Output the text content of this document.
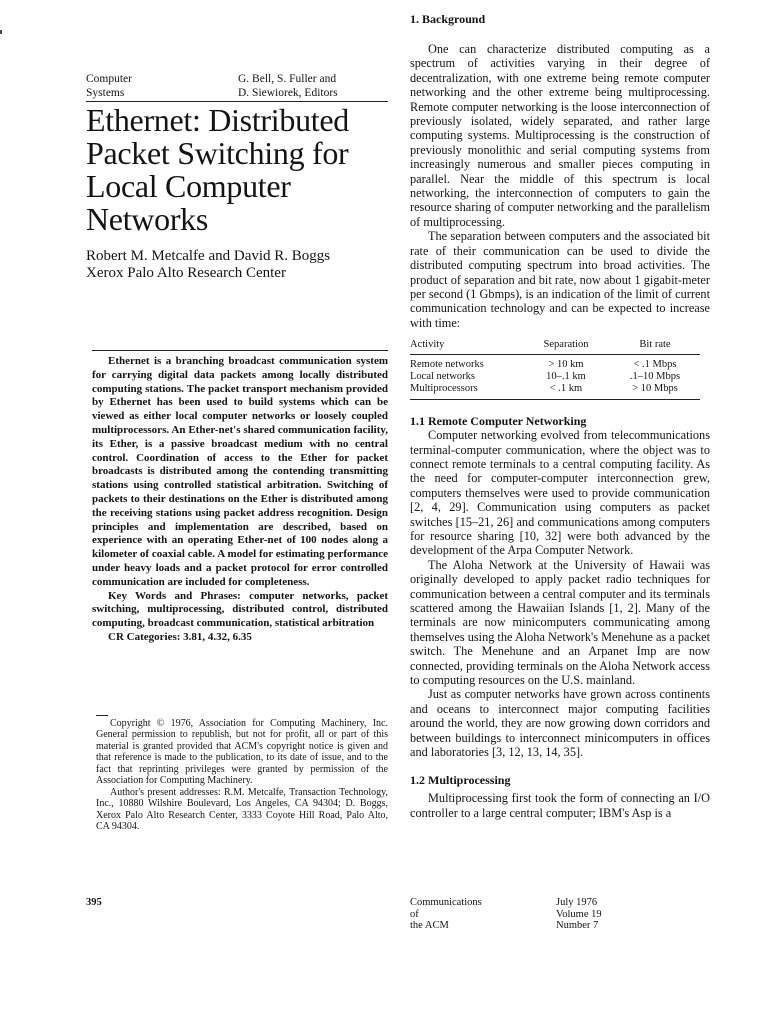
Computer
Systems
G. Bell, S. Fuller and
D. Siewiorek, Editors
Ethernet: Distributed
Packet Switching for
Local Computer
Networks
Robert M. Metcalfe and David R. Boggs
Xerox Palo Alto Research Center

Ethernet is a branching broadcast communication system for carrying digital data packets among locally distributed computing stations. The packet transport mechanism provided by Ethernet has been used to build systems which can be viewed as either local computer networks or loosely coupled multiprocessors. An Ether-net's shared communication facility, its Ether, is a passive broadcast medium with no central control. Coordination of access to the Ether for packet broadcasts is distributed among the contending transmitting stations using controlled statistical arbitration. Switching of packets to their destinations on the Ether is distributed among the receiving stations using packet address recognition. Design principles and implementation are described, based on experience with an operating Ether-net of 100 nodes along a kilometer of coaxial cable. A model for estimating performance under heavy loads and a packet protocol for error controlled communication are included for completeness.

Key Words and Phrases: computer networks, packet switching, multiprocessing, distributed control, distributed computing, broadcast communication, statistical arbitration

CR Categories: 3.81, 4.32, 6.35

Copyright © 1976, Association for Computing Machinery, Inc. General permission to republish, but not for profit, all or part of this material is granted provided that ACM's copyright notice is given and that reference is made to the publication, to its date of issue, and to the fact that reprinting privileges were granted by permission of the Association for Computing Machinery.

Author's present addresses: R.M. Metcalfe, Transaction Technology, Inc., 10880 Wilshire Boulevard, Los Angeles, CA 94304; D. Boggs, Xerox Palo Alto Research Center, 3333 Coyote Hill Road, Palo Alto, CA 94304.

395
1. Background

One can characterize distributed computing as a spectrum of activities varying in their degree of decentralization, with one extreme being remote computer networking and the other extreme being multiprocessing. Remote computer networking is the loose interconnection of previously isolated, widely separated, and rather large computing systems. Multiprocessing is the construction of previously monolithic and serial computing systems from increasingly numerous and smaller pieces computing in parallel. Near the middle of this spectrum is local networking, the interconnection of computers to gain the resource sharing of computer networking and the parallelism of multiprocessing.

The separation between computers and the associated bit rate of their communication can be used to divide the distributed computing spectrum into broad activities. The product of separation and bit rate, now about 1 gigabit-meter per second (1 Gbmps), is an indication of the limit of current communication technology and can be expected to increase with time:

Activity	Separation	Bit rate
Remote networks	> 10 km	< .1 Mbps
Local networks	10–.1 km	.1–10 Mbps
Multiprocessors	< .1 km	> 10 Mbps
1.1 Remote Computer Networking

Computer networking evolved from telecommunications terminal-computer communication, where the object was to connect remote terminals to a central computing facility. As the need for computer-computer interconnection grew, computers themselves were used to provide communication [2, 4, 29]. Communication using computers as packet switches [15–21, 26] and communications among computers for resource sharing [10, 32] were both advanced by the development of the Arpa Computer Network.

The Aloha Network at the University of Hawaii was originally developed to apply packet radio techniques for communication between a central computer and its terminals scattered among the Hawaiian Islands [1, 2]. Many of the terminals are now minicomputers communicating among themselves using the Aloha Network's Menehune as a packet switch. The Menehune and an Arpanet Imp are now connected, providing terminals on the Aloha Network access to computing resources on the U.S. mainland.

Just as computer networks have grown across continents and oceans to interconnect major computing facilities around the world, they are now growing down corridors and between buildings to interconnect minicomputers in offices and laboratories [3, 12, 13, 14, 35].

1.2 Multiprocessing

Multiprocessing first took the form of connecting an I/O controller to a large central computer; IBM's Asp is a

Communications
of
the ACM
July 1976
Volume 19
Number 7
